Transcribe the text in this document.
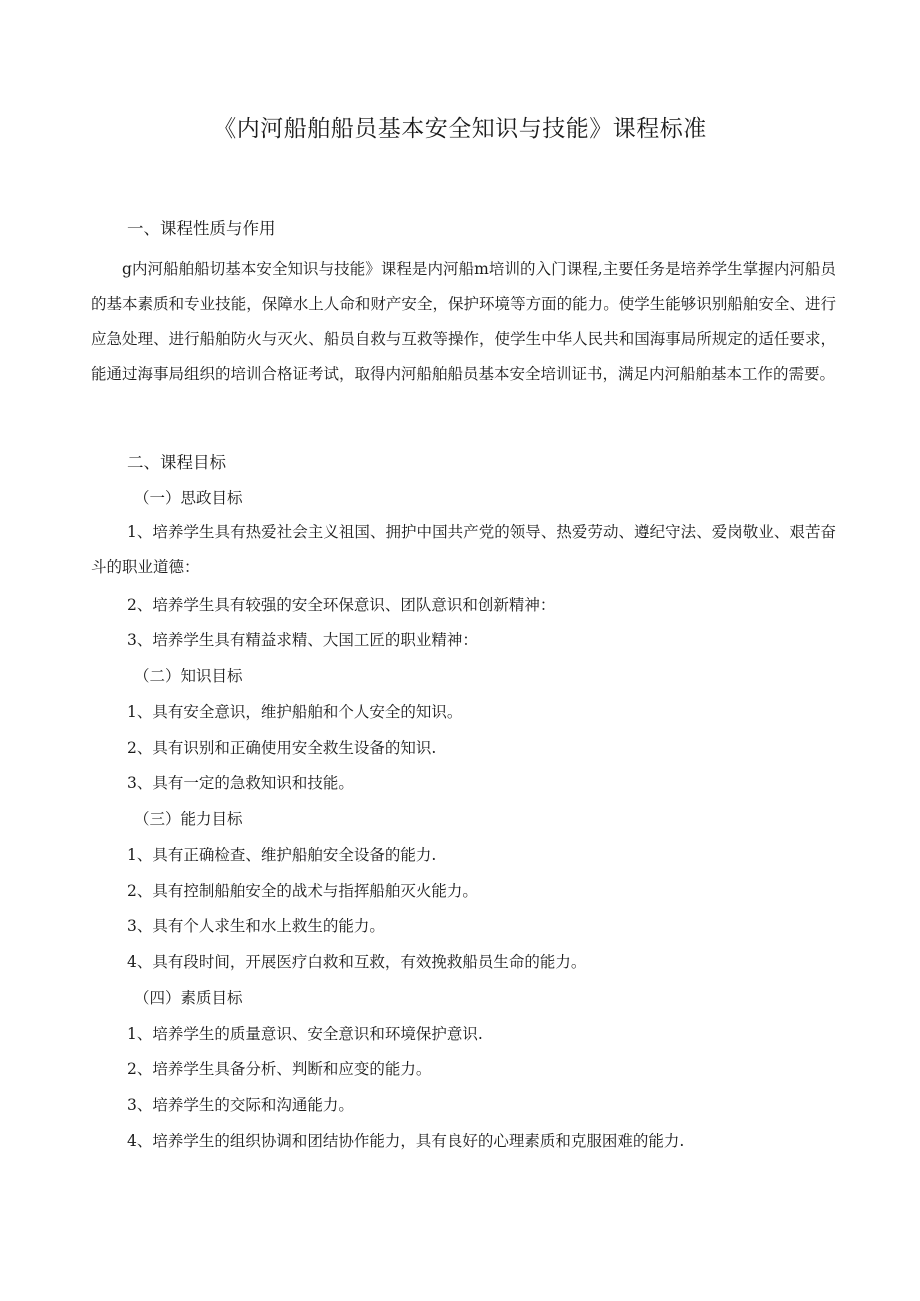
《内河船舶船员基本安全知识与技能》课程标准
一、课程性质与作用

g内河船舶船切基本安全知识与技能》课程是内河船m培训的入门课程,主要任务是培养学生掌握内河船员的基本素质和专业技能，保障水上人命和财产安全，保护环境等方面的能力。使学生能够识别船舶安全、进行应急处理、进行船舶防火与灭火、船员自救与互救等操作，使学生中华人民共和国海事局所规定的适任要求，能通过海事局组织的培训合格证考试，取得内河船舶船员基本安全培训证书，满足内河船舶基本工作的需要。

二、课程目标

（一）思政目标

1、培养学生具有热爱社会主义祖国、拥护中国共产党的领导、热爱劳动、遵纪守法、爱岗敬业、艰苦奋斗的职业道德：

2、培养学生具有较强的安全环保意识、团队意识和创新精神：

3、培养学生具有精益求精、大国工匠的职业精神：

（二）知识目标

1、具有安全意识，维护船舶和个人安全的知识。

2、具有识别和正确使用安全救生设备的知识.

3、具有一定的急救知识和技能。

（三）能力目标

1、具有正确检查、维护船舶安全设备的能力.

2、具有控制船舶安全的战术与指挥船舶灭火能力。

3、具有个人求生和水上救生的能力。

4、具有段时间，开展医疗白救和互救，有效挽救船员生命的能力。

（四）素质目标

1、培养学生的质量意识、安全意识和环境保护意识.

2、培养学生具备分析、判断和应变的能力。

3、培养学生的交际和沟通能力。

4、培养学生的组织协调和团结协作能力，具有良好的心理素质和克服困难的能力.
